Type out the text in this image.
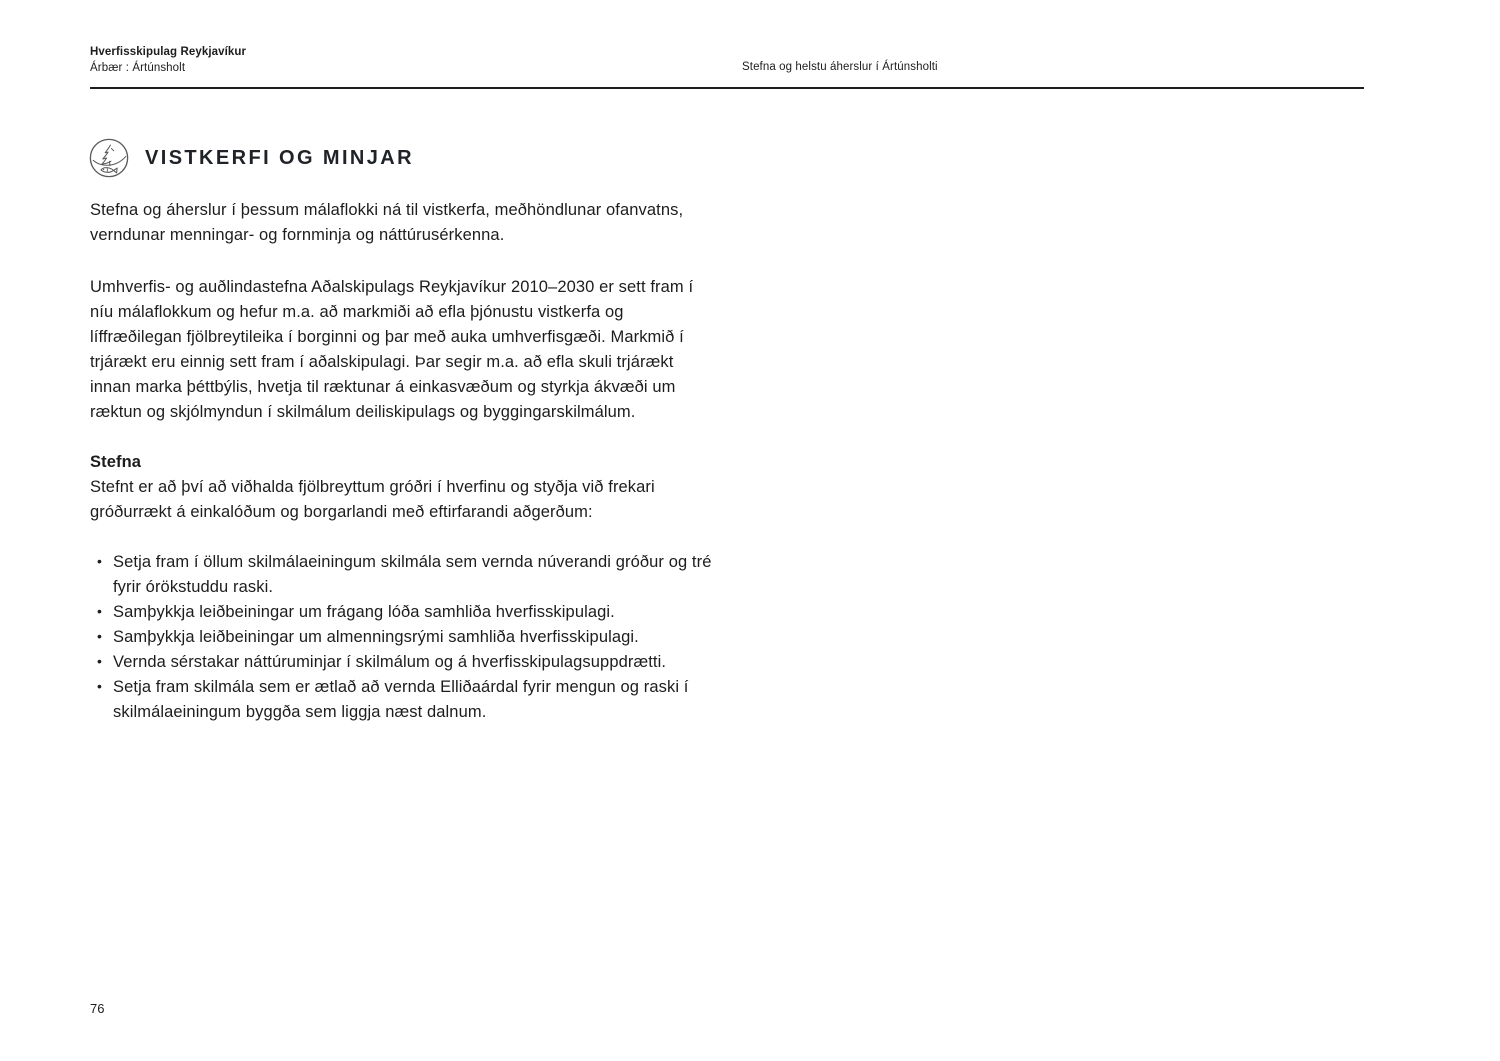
Hverfisskipulag Reykjavíkur
Árbær : Ártúnsholt	Stefna og helstu áherslur í Ártúnsholti
VISTKERFI OG MINJAR

Stefna og áherslur í þessum málaflokki ná til vistkerfa, meðhöndlunar ofanvatns, verndunar menningar- og fornminja og náttúrusérkenna.

Umhverfis- og auðlindastefna Aðalskipulags Reykjavíkur 2010–2030 er sett fram í níu málaflokkum og hefur m.a. að markmiði að efla þjónustu vistkerfa og líffræðilegan fjölbreytileika í borginni og þar með auka umhverfisgæði. Markmið í trjárækt eru einnig sett fram í aðalskipulagi. Þar segir m.a. að efla skuli trjárækt innan marka þéttbýlis, hvetja til ræktunar á einkasvæðum og styrkja ákvæði um ræktun og skjólmyndun í skilmálum deiliskipulags og byggingarskilmálum.

Stefna

Stefnt er að því að viðhalda fjölbreyttum gróðri í hverfinu og styðja við frekari gróðurrækt á einkalóðum og borgarlandi með eftirfarandi aðgerðum:

• Setja fram í öllum skilmálaeiningum skilmála sem vernda núverandi gróður og tré fyrir órökstuddu raski.
• Samþykkja leiðbeiningar um frágang lóða samhliða hverfisskipulagi.
• Samþykkja leiðbeiningar um almenningsrými samhliða hverfisskipulagi.
• Vernda sérstakar náttúruminjar í skilmálum og á hverfisskipulagsuppdrætti.
• Setja fram skilmála sem er ætlað að vernda Elliðaárdal fyrir mengun og raski í skilmálaeiningum byggða sem liggja næst dalnum.
76
